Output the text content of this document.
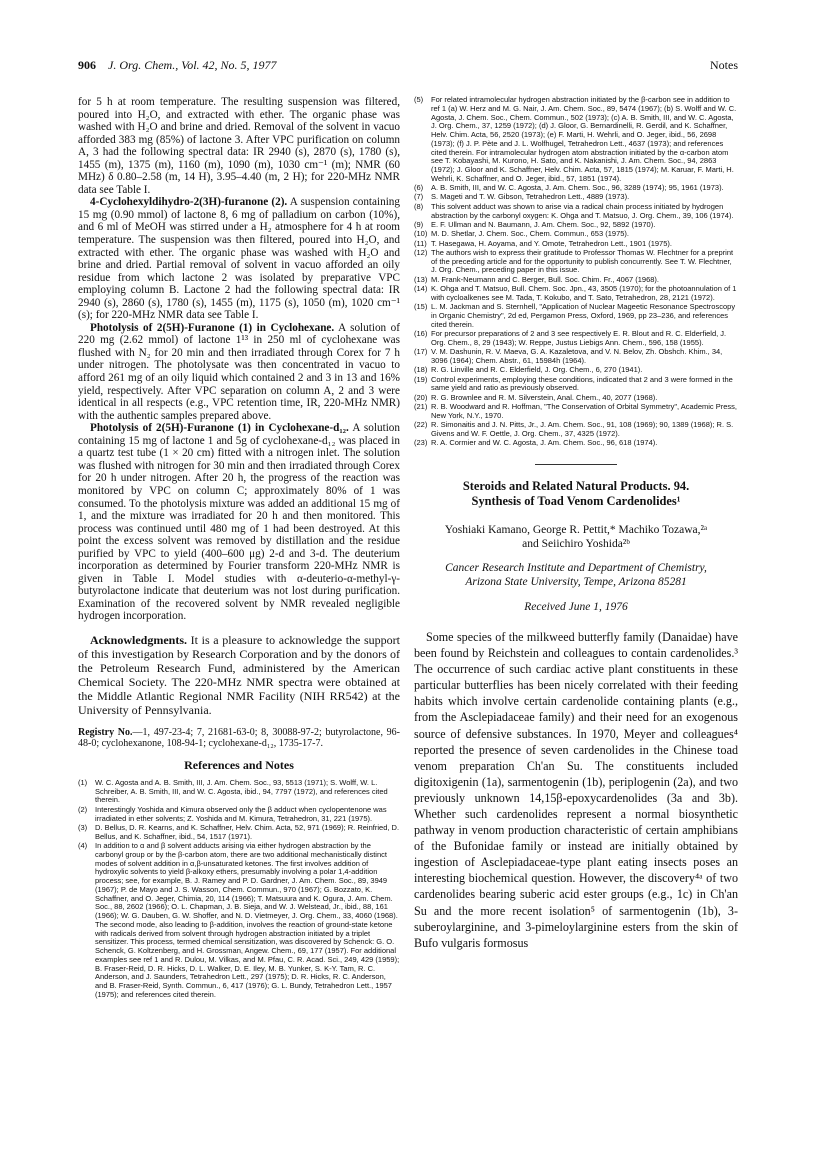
906 J. Org. Chem., Vol. 42, No. 5, 1977	Notes

for 5 h at room temperature. The resulting suspension was filtered, poured into H₂O, and extracted with ether. The organic phase was washed with H₂O and brine and dried. Removal of the solvent in vacuo afforded 383 mg (85%) of lactone 3. After VPC purification on column A, 3 had the following spectral data: IR 2940 (s), 2870 (s), 1780 (s), 1455 (m), 1375 (m), 1160 (m), 1090 (m), 1030 cm⁻¹ (m); NMR (60 MHz) δ 0.80–2.58 (m, 14 H), 3.95–4.40 (m, 2 H); for 220-MHz NMR data see Table I.

4-Cyclohexyldihydro-2(3H)-furanone (2). A suspension containing 15 mg (0.90 mmol) of lactone 8, 6 mg of palladium on carbon (10%), and 6 ml of MeOH was stirred under a H₂ atmosphere for 4 h at room temperature. The suspension was then filtered, poured into H₂O, and extracted with ether. The organic phase was washed with H₂O and brine and dried. Partial removal of solvent in vacuo afforded an oily residue from which lactone 2 was isolated by preparative VPC employing column B. Lactone 2 had the following spectral data: IR 2940 (s), 2860 (s), 1780 (s), 1455 (m), 1175 (s), 1050 (m), 1020 cm⁻¹ (s); for 220-MHz NMR data see Table I.

Photolysis of 2(5H)-Furanone (1) in Cyclohexane. A solution of 220 mg (2.62 mmol) of lactone 1¹³ in 250 ml of cyclohexane was flushed with N₂ for 20 min and then irradiated through Corex for 7 h under nitrogen. The photolysate was then concentrated in vacuo to afford 261 mg of an oily liquid which contained 2 and 3 in 13 and 16% yield, respectively. After VPC separation on column A, 2 and 3 were identical in all respects (e.g., VPC retention time, IR, 220-MHz NMR) with the authentic samples prepared above.

Photolysis of 2(5H)-Furanone (1) in Cyclohexane-d₁₂. A solution containing 15 mg of lactone 1 and 5g of cyclohexane-d₁₂ was placed in a quartz test tube (1 × 20 cm) fitted with a nitrogen inlet. The solution was flushed with nitrogen for 30 min and then irradiated through Corex for 20 h under nitrogen. After 20 h, the progress of the reaction was monitored by VPC on column C; approximately 80% of 1 was consumed. To the photolysis mixture was added an additional 15 mg of 1, and the mixture was irradiated for 20 h and then monitored. This process was continued until 480 mg of 1 had been destroyed. At this point the excess solvent was removed by distillation and the residue purified by VPC to yield (400–600 μg) 2-d and 3-d. The deuterium incorporation as determined by Fourier transform 220-MHz NMR is given in Table I. Model studies with α-deuterio-α-methyl-γ-butyrolactone indicate that deuterium was not lost during purification. Examination of the recovered solvent by NMR revealed negligible hydrogen incorporation.

Acknowledgments. It is a pleasure to acknowledge the support of this investigation by Research Corporation and by the donors of the Petroleum Research Fund, administered by the American Chemical Society. The 220-MHz NMR spectra were obtained at the Middle Atlantic Regional NMR Facility (NIH RR542) at the University of Pennsylvania.

Registry No.—1, 497-23-4; 7, 21681-63-0; 8, 30088-97-2; butyrolactone, 96-48-0; cyclohexanone, 108-94-1; cyclohexane-d₁₂, 1735-17-7.

References and Notes
(1) W. C. Agosta and A. B. Smith, III, J. Am. Chem. Soc., 93, 5513 (1971); S. Wolff, W. L. Schreiber, A. B. Smith, III, and W. C. Agosta, ibid., 94, 7797 (1972), and references cited therein.
(2) Interestingly Yoshida and Kimura observed only the β adduct when cyclopentenone was irradiated in ether solvents; Z. Yoshida and M. Kimura, Tetrahedron, 31, 221 (1975).
(3) D. Bellus, D. R. Kearns, and K. Schaffner, Helv. Chim. Acta, 52, 971 (1969); R. Reinfried, D. Bellus, and K. Schaffner, ibid., 54, 1517 (1971).
(4) In addition to α and β solvent adducts arising via either hydrogen abstraction by the carbonyl group or by the β-carbon atom, there are two additional mechanistically distinct modes of solvent addition in α,β-unsaturated ketones. The first involves addition of hydroxylic solvents to yield β-alkoxy ethers, presumably involving a polar 1,4-addition process; see, for example, B. J. Ramey and P. D. Gardner, J. Am. Chem. Soc., 89, 3949 (1967); P. de Mayo and J. S. Wasson, Chem. Commun., 970 (1967); G. Bozzato, K. Schaffner, and O. Jeger, Chimia, 20, 114 (1966); T. Matsuura and K. Ogura, J. Am. Chem. Soc., 88, 2602 (1966); O. L. Chapman, J. B. Sieja, and W. J. Welstead, Jr., ibid., 88, 161 (1966); W. G. Dauben, G. W. Shoffer, and N. D. Vietmeyer, J. Org. Chem., 33, 4060 (1968). The second mode, also leading to β-addition, involves the reaction of ground-state ketone with radicals derived from solvent through hydrogen abstraction initiated by a triplet sensitizer. This process, termed chemical sensitization, was discovered by Schenck: G. O. Schenck, G. Koltzenberg, and H. Grossman, Angew. Chem., 69, 177 (1957). For additional examples see ref 1 and R. Dulou, M. Vilkas, and M. Pfau, C. R. Acad. Sci., 249, 429 (1959); B. Fraser-Reid, D. R. Hicks, D. L. Walker, D. E. Iley, M. B. Yunker, S. K-Y. Tam, R. C. Anderson, and J. Saunders, Tetrahedron Lett., 297 (1975); D. R. Hicks, R. C. Anderson, and B. Fraser-Reid, Synth. Commun., 6, 417 (1976); G. L. Bundy, Tetrahedron Lett., 1957 (1975); and references cited therein.
(5) For related intramolecular hydrogen abstraction initiated by the β-carbon see in addition to ref 1 (a) W. Herz and M. G. Nair, J. Am. Chem. Soc., 89, 5474 (1967); (b) S. Wolff and W. C. Agosta, J. Chem. Soc., Chem. Commun., 502 (1973); (c) A. B. Smith, III, and W. C. Agosta, J. Org. Chem., 37, 1259 (1972); (d) J. Gloor, G. Bernardinelli, R. Gerdil, and K. Schaffner, Helv. Chim. Acta, 56, 2520 (1973); (e) F. Marti, H. Wehrli, and O. Jeger, ibid., 56, 2698 (1973); (f) J. P. Pète and J. L. Wolfhugel, Tetrahedron Lett., 4637 (1973); and references cited therein. For intramolecular hydrogen atom abstraction initiated by the α-carbon atom see T. Kobayashi, M. Kurono, H. Sato, and K. Nakanishi, J. Am. Chem. Soc., 94, 2863 (1972); J. Gloor and K. Schaffner, Helv. Chim. Acta, 57, 1815 (1974); M. Karuar, F. Marti, H. Wehrli, K. Schaffner, and O. Jeger, ibid., 57, 1851 (1974).
(6) A. B. Smith, III, and W. C. Agosta, J. Am. Chem. Soc., 96, 3289 (1974); 95, 1961 (1973).
(7) S. Mageti and T. W. Gibson, Tetrahedron Lett., 4889 (1973).
(8) This solvent adduct was shown to arise via a radical chain process initiated by hydrogen abstraction by the carbonyl oxygen: K. Ohga and T. Matsuo, J. Org. Chem., 39, 106 (1974).
(9) E. F. Ullman and N. Baumann, J. Am. Chem. Soc., 92, 5892 (1970).
(10) M. D. Shetlar, J. Chem. Soc., Chem. Commun., 653 (1975).
(11) T. Hasegawa, H. Aoyama, and Y. Omote, Tetrahedron Lett., 1901 (1975).
(12) The authors wish to express their gratitude to Professor Thomas W. Flechtner for a preprint of the preceding article and for the opportunity to publish concurrently. See T. W. Flechtner, J. Org. Chem., preceding paper in this issue.
(13) M. Frank-Neumann and C. Berger, Bull. Soc. Chim. Fr., 4067 (1968).
(14) K. Ohga and T. Matsuo, Bull. Chem. Soc. Jpn., 43, 3505 (1970); for the photoannulation of 1 with cycloalkenes see M. Tada, T. Kokubo, and T. Sato, Tetrahedron, 28, 2121 (1972).
(15) L. M. Jackman and S. Sternhell, "Application of Nuclear Mageetic Resonance Spectroscopy in Organic Chemistry", 2d ed, Pergamon Press, Oxford, 1969, pp 23–236, and references cited therein.
(16) For precursor preparations of 2 and 3 see respectively E. R. Blout and R. C. Elderfield, J. Org. Chem., 8, 29 (1943); W. Reppe, Justus Liebigs Ann. Chem., 596, 158 (1955).
(17) V. M. Dashunin, R. V. Maeva, G. A. Kazaletova, and V. N. Belov, Zh. Obshch. Khim., 34, 3096 (1964); Chem. Abstr., 61, 15984h (1964).
(18) R. G. Linville and R. C. Elderfield, J. Org. Chem., 6, 270 (1941).
(19) Control experiments, employing these conditions, indicated that 2 and 3 were formed in the same yield and ratio as previously observed.
(20) R. G. Brownlee and R. M. Silverstein, Anal. Chem., 40, 2077 (1968).
(21) R. B. Woodward and R. Hoffman, "The Conservation of Orbital Symmetry", Academic Press, New York, N.Y., 1970.
(22) R. Simonaitis and J. N. Pitts, Jr., J. Am. Chem. Soc., 91, 108 (1969); 90, 1389 (1968); R. S. Givens and W. F. Oettle, J. Org. Chem., 37, 4325 (1972).
(23) R. A. Cormier and W. C. Agosta, J. Am. Chem. Soc., 96, 618 (1974).

Steroids and Related Natural Products. 94.
Synthesis of Toad Venom Cardenolides¹

Yoshiaki Kamano, George R. Pettit,* Machiko Tozawa,²ᵃ
and Seiichiro Yoshida²ᵇ

Cancer Research Institute and Department of Chemistry,
Arizona State University, Tempe, Arizona 85281

Received June 1, 1976

Some species of the milkweed butterfly family (Danaidae) have been found by Reichstein and colleagues to contain cardenolides.³ The occurrence of such cardiac active plant constituents in these particular butterflies has been nicely correlated with their feeding habits which involve certain cardenolide containing plants (e.g., from the Asclepiadaceae family) and their need for an exogenous source of defensive substances. In 1970, Meyer and colleagues⁴ reported the presence of seven cardenolides in the Chinese toad venom preparation Ch'an Su. The constituents included digitoxigenin (1a), sarmentogenin (1b), periplogenin (2a), and two previously unknown 14,15β-epoxycardenolides (3a and 3b). Whether such cardenolides represent a normal biosynthetic pathway in venom production characteristic of certain amphibians of the Bufonidae family or instead are initially obtained by ingestion of Asclepiadaceae-type plant eating insects poses an interesting biochemical question. However, the discovery⁴ᵃ of two cardenolides bearing suberic acid ester groups (e.g., 1c) in Ch'an Su and the more recent isolation⁵ of sarmentogenin (1b), 3-suberoylarginine, and 3-pimeloylarginine esters from the skin of Bufo vulgaris formosus
